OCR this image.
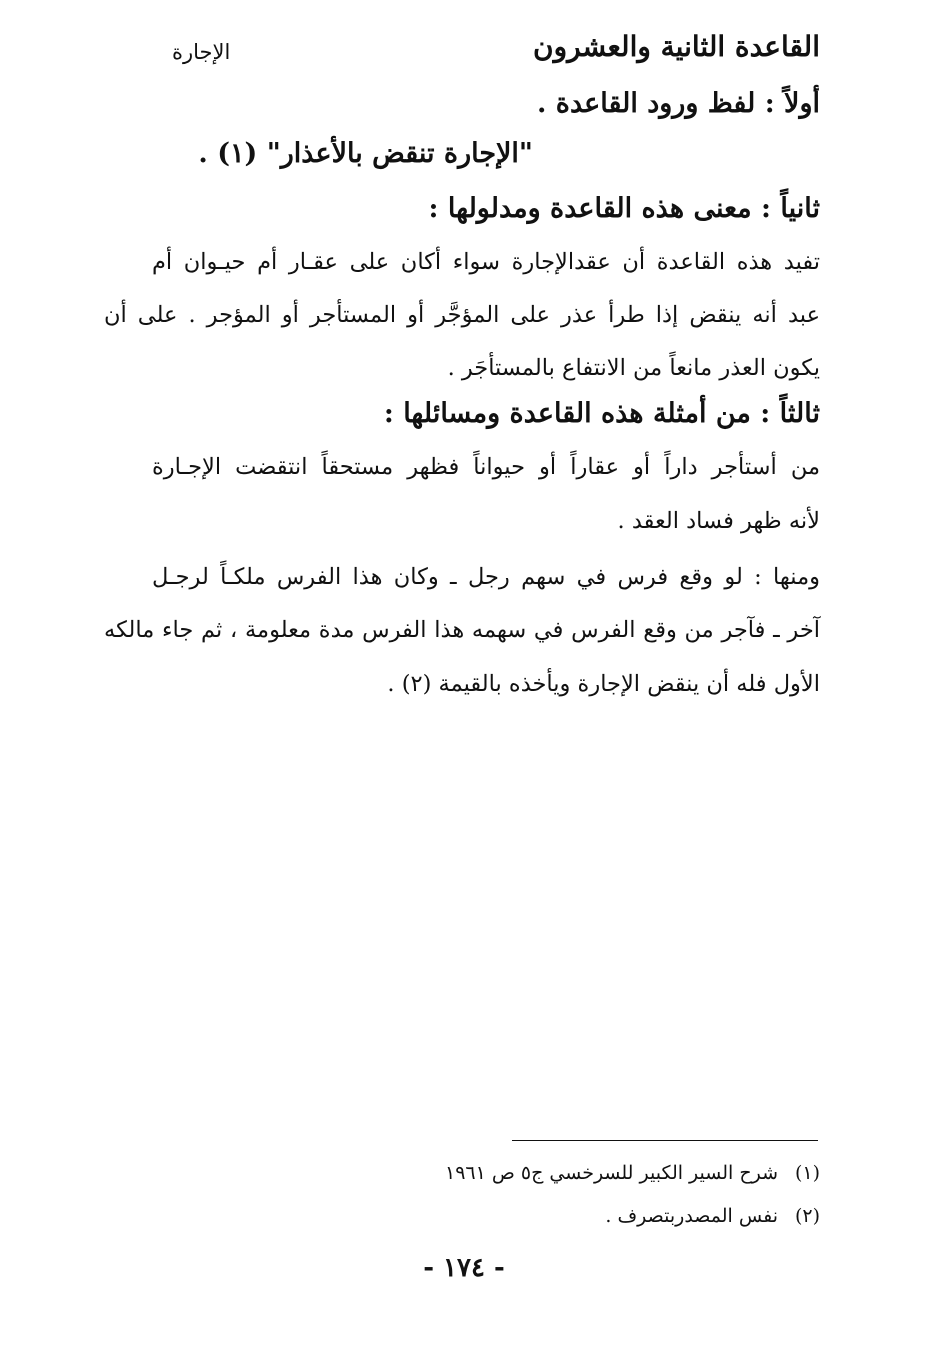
القاعدة الثانية والعشرون
الإجارة
أولاً : لفظ ورود القاعدة .
"الإجارة تنقض بالأعذار" (١) .
ثانياً : معنى هذه القاعدة ومدلولها :
تفيد هذه القاعدة أن عقدالإجارة سواء أكان على عقـار أم حيـوان أم
عبد أنه ينقض إذا طرأ عذر على المؤجَّر أو المستأجر أو المؤجر . على أن
يكون العذر مانعاً من الانتفاع بالمستأجَر .
ثالثاً : من أمثلة هذه القاعدة ومسائلها :
من أستأجر داراً أو عقاراً أو حيواناً فظهر مستحقاً انتقضت الإجـارة
لأنه ظهر فساد العقد .
ومنها : لو وقع فرس في سهم رجل ـ وكان هذا الفرس ملكـاً لرجـل
آخر ـ فآجر من وقع الفرس في سهمه هذا الفرس مدة معلومة ، ثم جاء مالكه
الأول فله أن ينقض الإجارة ويأخذه بالقيمة (٢) .
(١)
شرح السير الكبير للسرخسي ج٥ ص ١٩٦١
(٢)
نفس المصدربتصرف .
- ١٧٤ -
